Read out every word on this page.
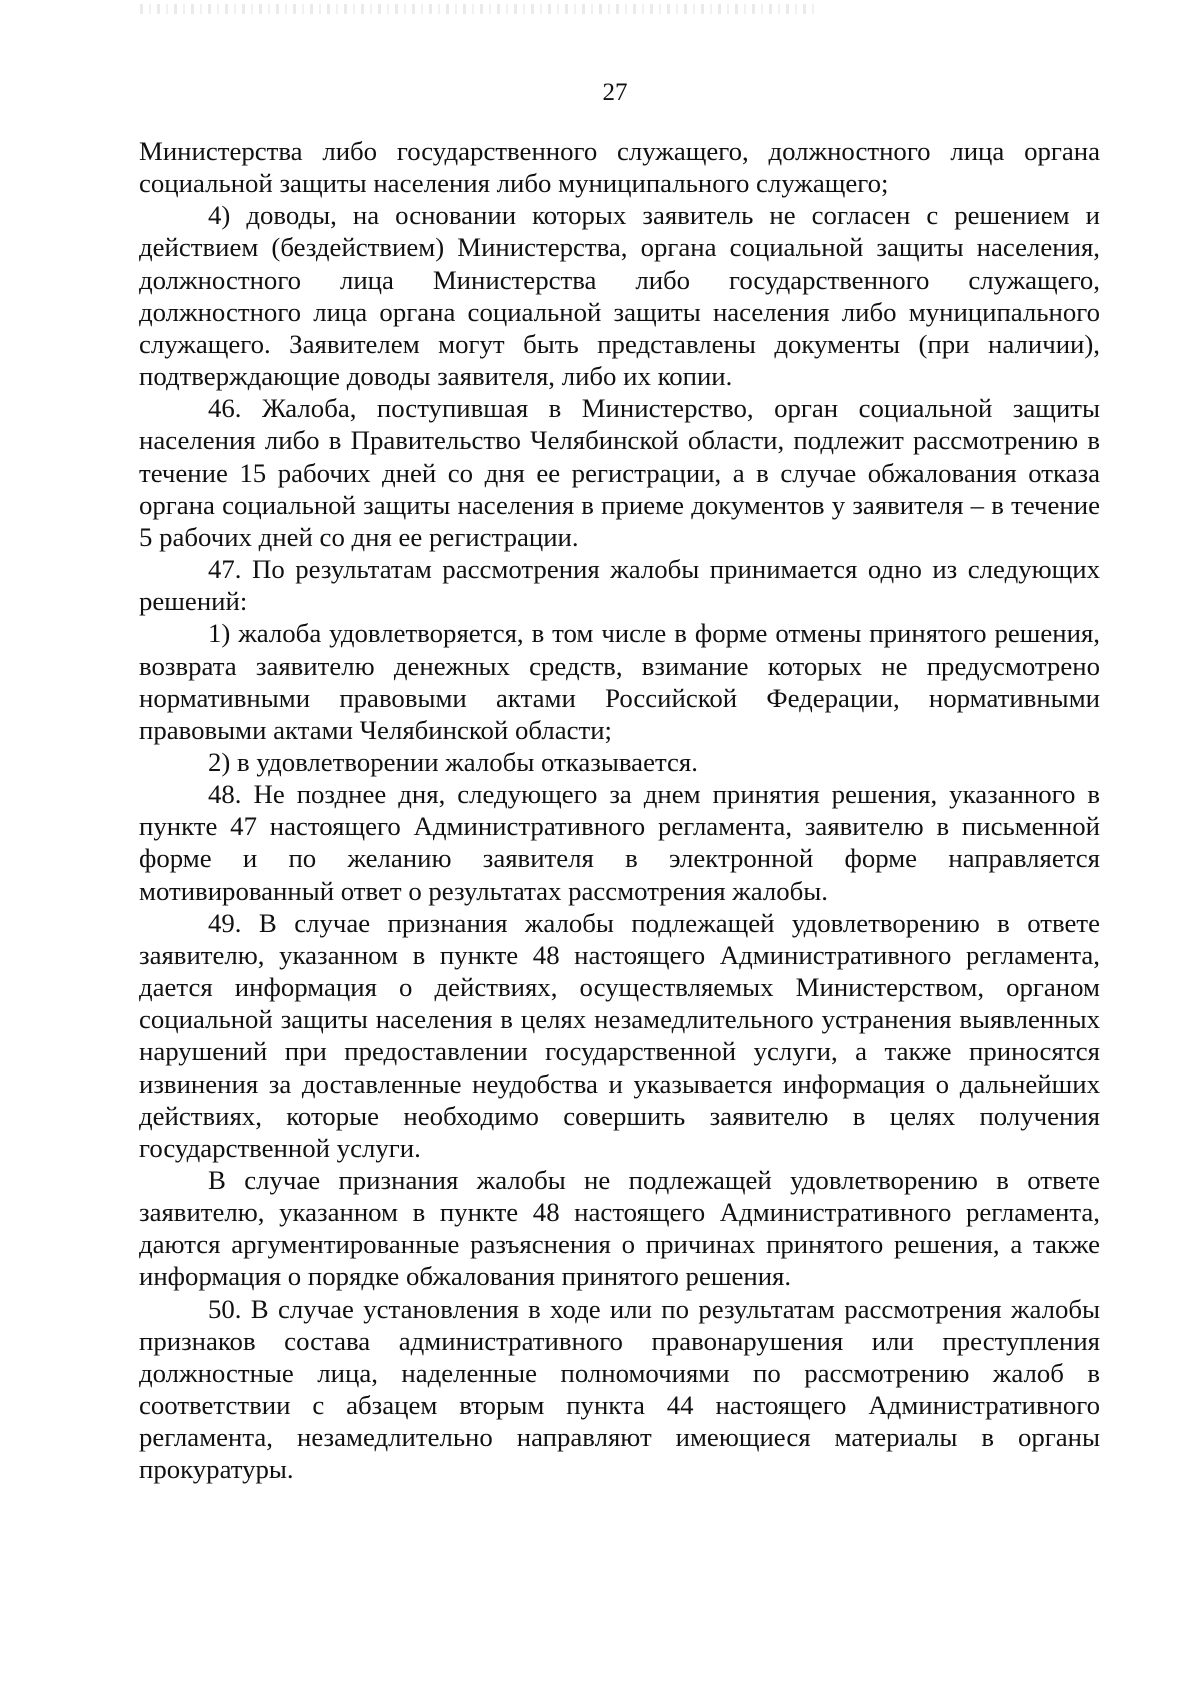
27

Министерства либо государственного служащего, должностного лица органа социальной защиты населения либо муниципального служащего;

4) доводы, на основании которых заявитель не согласен с решением и действием (бездействием) Министерства, органа социальной защиты населения, должностного лица Министерства либо государственного служащего, должностного лица органа социальной защиты населения либо муниципального служащего. Заявителем могут быть представлены документы (при наличии), подтверждающие доводы заявителя, либо их копии.

46. Жалоба, поступившая в Министерство, орган социальной защиты населения либо в Правительство Челябинской области, подлежит рассмотрению в течение 15 рабочих дней со дня ее регистрации, а в случае обжалования отказа органа социальной защиты населения в приеме документов у заявителя – в течение 5 рабочих дней со дня ее регистрации.

47. По результатам рассмотрения жалобы принимается одно из следующих решений:

1) жалоба удовлетворяется, в том числе в форме отмены принятого решения, возврата заявителю денежных средств, взимание которых не предусмотрено нормативными правовыми актами Российской Федерации, нормативными правовыми актами Челябинской области;

2) в удовлетворении жалобы отказывается.

48. Не позднее дня, следующего за днем принятия решения, указанного в пункте 47 настоящего Административного регламента, заявителю в письменной форме и по желанию заявителя в электронной форме направляется мотивированный ответ о результатах рассмотрения жалобы.

49. В случае признания жалобы подлежащей удовлетворению в ответе заявителю, указанном в пункте 48 настоящего Административного регламента, дается информация о действиях, осуществляемых Министерством, органом социальной защиты населения в целях незамедлительного устранения выявленных нарушений при предоставлении государственной услуги, а также приносятся извинения за доставленные неудобства и указывается информация о дальнейших действиях, которые необходимо совершить заявителю в целях получения государственной услуги.

В случае признания жалобы не подлежащей удовлетворению в ответе заявителю, указанном в пункте 48 настоящего Административного регламента, даются аргументированные разъяснения о причинах принятого решения, а также информация о порядке обжалования принятого решения.

50. В случае установления в ходе или по результатам рассмотрения жалобы признаков состава административного правонарушения или преступления должностные лица, наделенные полномочиями по рассмотрению жалоб в соответствии с абзацем вторым пункта 44 настоящего Административного регламента, незамедлительно направляют имеющиеся материалы в органы прокуратуры.
